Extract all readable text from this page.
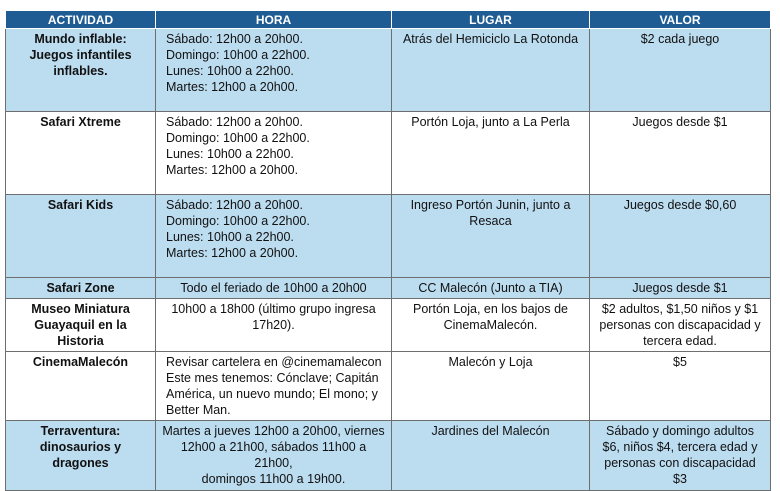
ACTIVIDAD	HORA	LUGAR	VALOR

Mundo inflable:
Juegos infantiles
inflables.	Sábado: 12h00 a 20h00.
Domingo: 10h00 a 22h00.
Lunes: 10h00 a 22h00.
Martes: 12h00 a 20h00.	Atrás del Hemiciclo La Rotonda	$2 cada juego

Safari Xtreme	Sábado: 12h00 a 20h00.
Domingo: 10h00 a 22h00.
Lunes: 10h00 a 22h00.
Martes: 12h00 a 20h00.	Portón Loja, junto a La Perla	Juegos desde $1

Safari Kids	Sábado: 12h00 a 20h00.
Domingo: 10h00 a 22h00.
Lunes: 10h00 a 22h00.
Martes: 12h00 a 20h00.	Ingreso Portón Junin, junto a
Resaca	Juegos desde $0,60

Safari Zone	Todo el feriado de 10h00 a 20h00	CC Malecón (Junto a TIA)	Juegos desde $1

Museo Miniatura
Guayaquil en la
Historia	10h00 a 18h00 (último grupo ingresa
17h20).	Portón Loja, en los bajos de
CinemaMalecón.	$2 adultos, $1,50 niños y $1
personas con discapacidad y
tercera edad.

CinemaMalecón	Revisar cartelera en @cinemamalecon
Este mes tenemos: Cónclave; Capitán
América, un nuevo mundo; El mono; y
Better Man.	Malecón y Loja	$5

Terraventura:
dinosaurios y
dragones	Martes a jueves 12h00 a 20h00, viernes
12h00 a 21h00, sábados 11h00 a 21h00,
domingos 11h00 a 19h00.	Jardines del Malecón	Sábado y domingo adultos
$6, niños $4, tercera edad y
personas con discapacidad
$3
